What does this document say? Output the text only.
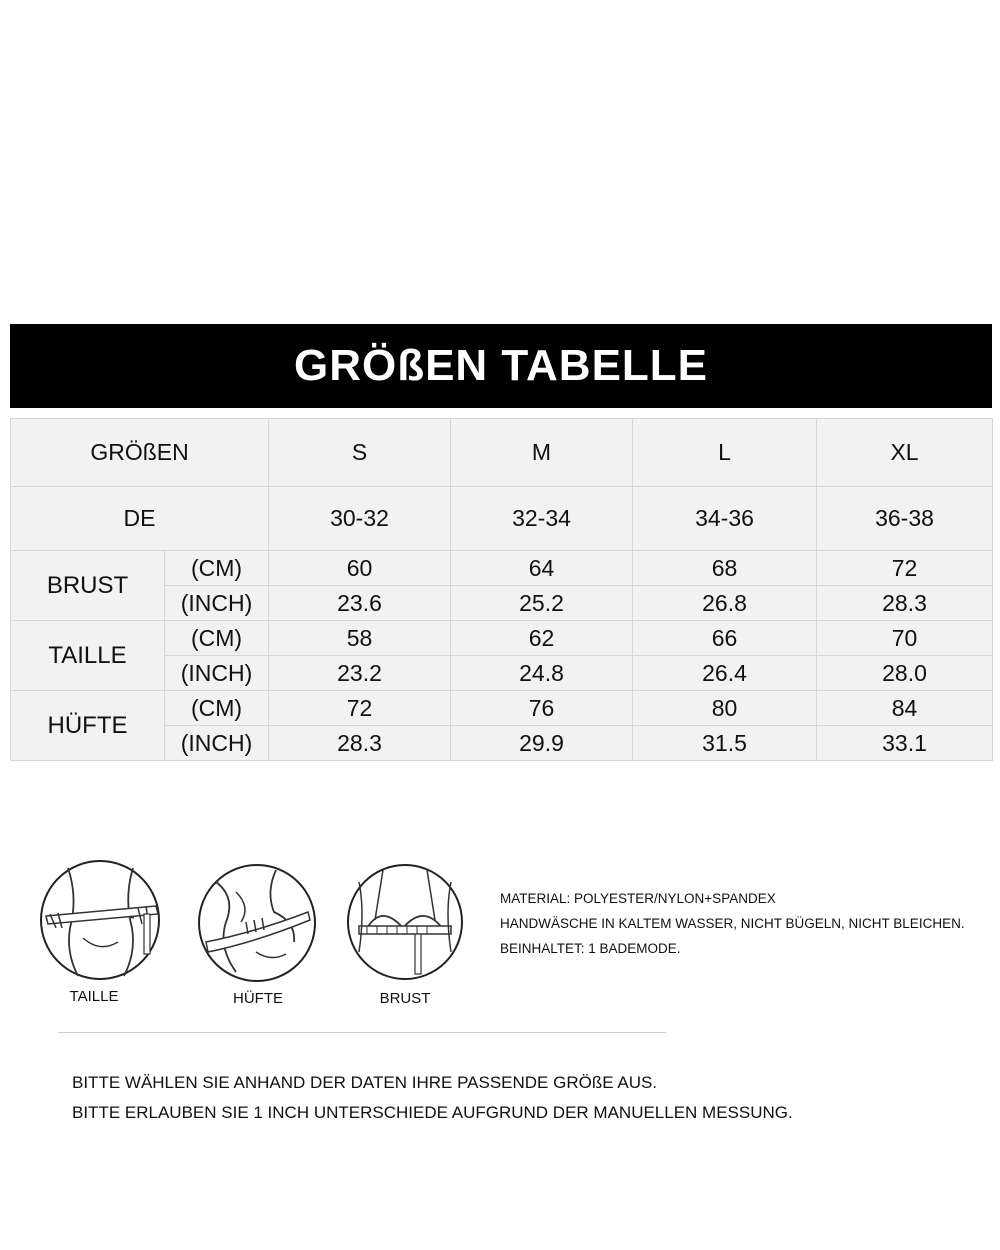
GRÖßEN TABELLE
GRÖßEN		S	M	L	XL
DE		30-32	32-34	34-36	36-38
BRUST	(CM)	60	64	68	72
	(INCH)	23.6	25.2	26.8	28.3
TAILLE	(CM)	58	62	66	70
	(INCH)	23.2	24.8	26.4	28.0
HÜFTE	(CM)	72	76	80	84
	(INCH)	28.3	29.9	31.5	33.1
TAILLE	HÜFTE	BRUST
MATERIAL: POLYESTER/NYLON+SPANDEX
HANDWÄSCHE IN KALTEM WASSER, NICHT BÜGELN, NICHT BLEICHEN.
BEINHALTET: 1 BADEMODE.
BITTE WÄHLEN SIE ANHAND DER DATEN IHRE PASSENDE GRÖßE AUS.
BITTE ERLAUBEN SIE 1 INCH UNTERSCHIEDE AUFGRUND DER MANUELLEN MESSUNG.
